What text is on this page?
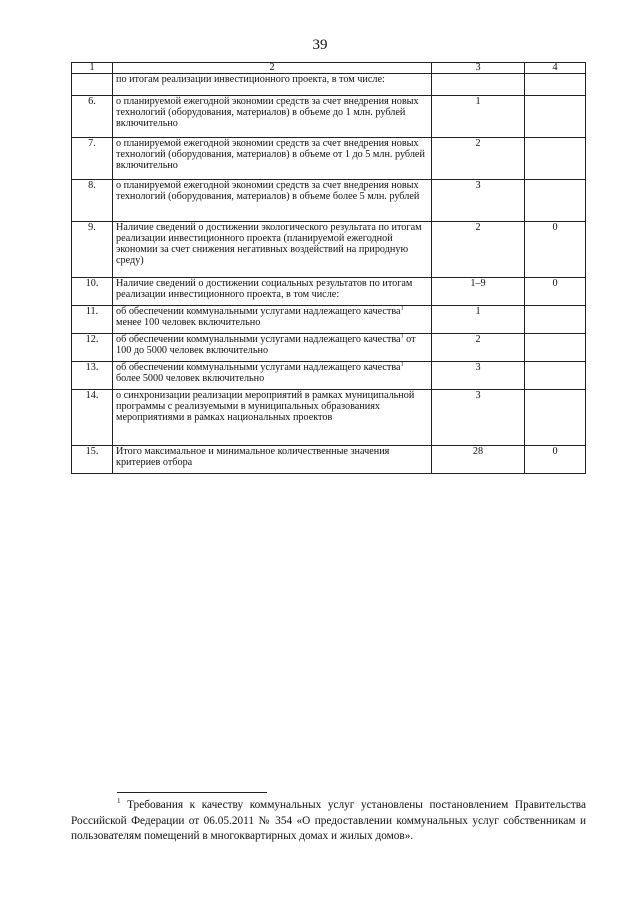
39
1	2	3	4
	по итогам реализации инвестиционного проекта, в том числе:		
6.	о планируемой ежегодной экономии средств за счет внедрения новых технологий (оборудования, материалов) в объеме до 1 млн. рублей включительно	1	
7.	о планируемой ежегодной экономии средств за счет внедрения новых технологий (оборудования, материалов) в объеме от 1 до 5 млн. рублей включительно	2	
8.	о планируемой ежегодной экономии средств за счет внедрения новых технологий (оборудования, материалов) в объеме более 5 млн. рублей	3	
9.	Наличие сведений о достижении экологического результата по итогам реализации инвестиционного проекта (планируемой ежегодной экономии за счет снижения негативных воздействий на природную среду)	2	0
10.	Наличие сведений о достижении социальных результатов по итогам реализации инвестиционного проекта, в том числе:	1–9	0
11.	об обеспечении коммунальными услугами надлежащего качества$^1$ менее 100 человек включительно	1	
12.	об обеспечении коммунальными услугами надлежащего качества$^1$ от 100 до 5000 человек включительно	2	
13.	об обеспечении коммунальными услугами надлежащего качества$^1$ более 5000 человек включительно	3	
14.	о синхронизации реализации мероприятий в рамках муниципальной программы с реализуемыми в муниципальных образованиях мероприятиями в рамках национальных проектов	3	
15.	Итого максимальное и минимальное количественные значения критериев отбора	28	0
$^1$ Требования к качеству коммунальных услуг установлены постановлением Правительства Российской Федерации от 06.05.2011 № 354 «О предоставлении коммунальных услуг собственникам и пользователям помещений в многоквартирных домах и жилых домов».
